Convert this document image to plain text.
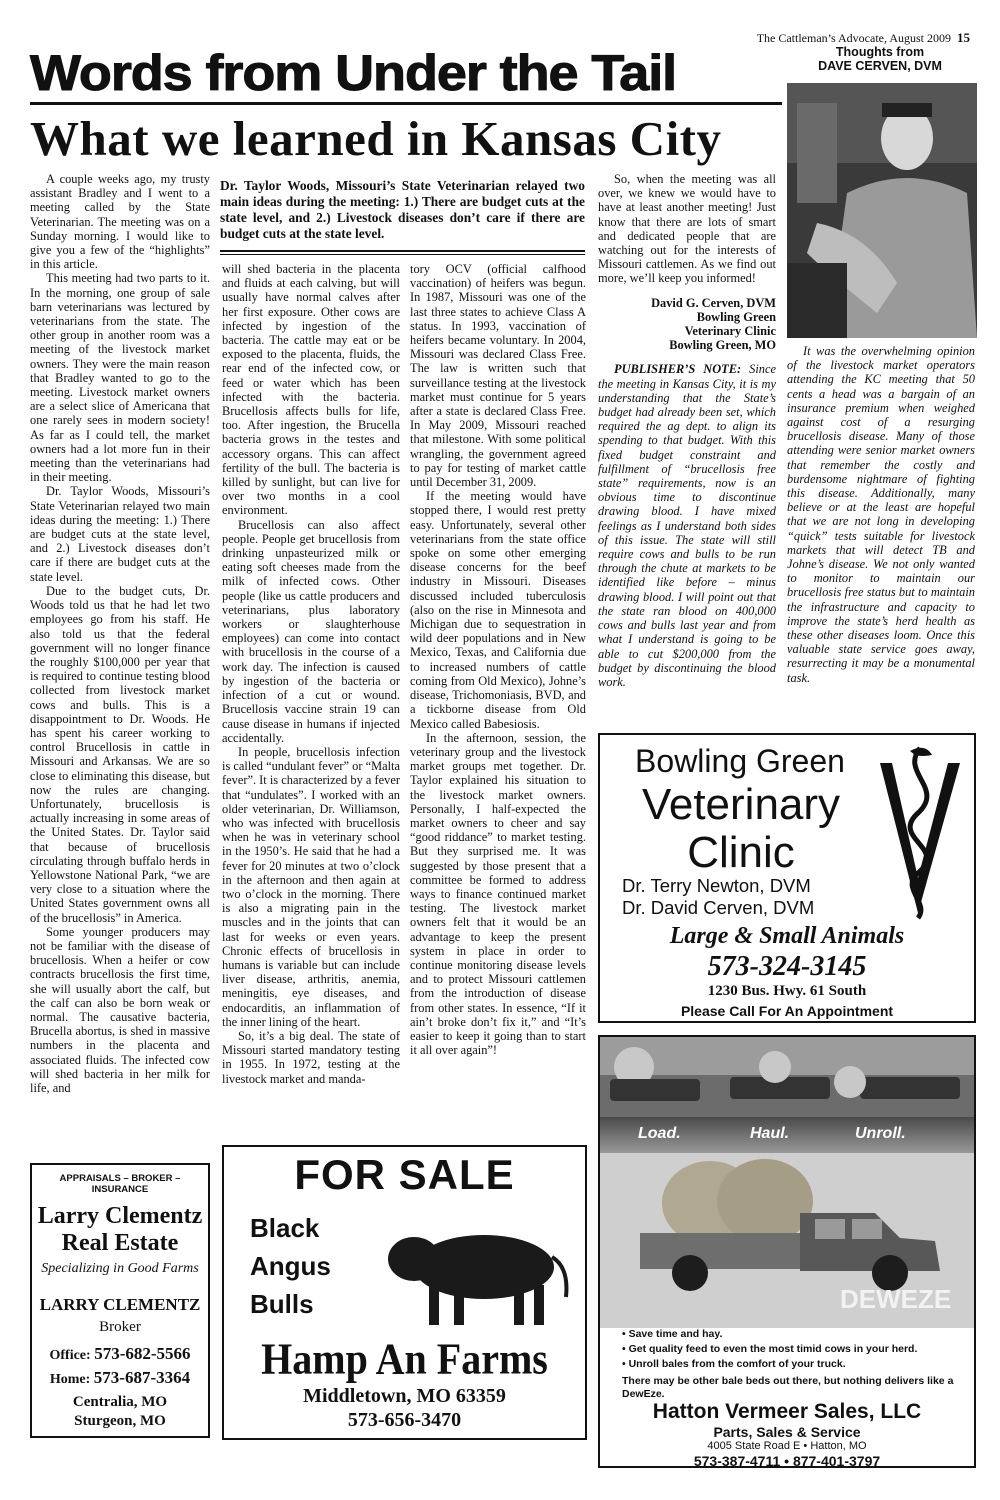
The Cattleman’s Advocate, August 2009 15
Thoughts from
DAVE CERVEN, DVM
Words from Under the Tail
What we learned in Kansas City

A couple weeks ago, my trusty assistant Bradley and I went to a meeting called by the State Veterinarian. The meeting was on a Sunday morning. I would like to give you a few of the “highlights” in this article.

This meeting had two parts to it. In the morning, one group of sale barn veterinarians was lectured by veterinarians from the state. The other group in another room was a meeting of the livestock market owners. They were the main reason that Bradley wanted to go to the meeting. Livestock market owners are a select slice of Americana that one rarely sees in modern society! As far as I could tell, the market owners had a lot more fun in their meeting than the veterinarians had in their meeting.

Dr. Taylor Woods, Missouri’s State Veterinarian relayed two main ideas during the meeting: 1.) There are budget cuts at the state level, and 2.) Livestock diseases don’t care if there are budget cuts at the state level.

Due to the budget cuts, Dr. Woods told us that he had let two employees go from his staff. He also told us that the federal government will no longer finance the roughly $100,000 per year that is required to continue testing blood collected from livestock market cows and bulls. This is a disappointment to Dr. Woods. He has spent his career working to control Brucellosis in cattle in Missouri and Arkansas. We are so close to eliminating this disease, but now the rules are changing. Unfortunately, brucellosis is actually increasing in some areas of the United States. Dr. Taylor said that because of brucellosis circulating through buffalo herds in Yellowstone National Park, “we are very close to a situation where the United States government owns all of the brucellosis” in America.

Some younger producers may not be familiar with the disease of brucellosis. When a heifer or cow contracts brucellosis the first time, she will usually abort the calf, but the calf can also be born weak or normal. The causative bacteria, Brucella abortus, is shed in massive numbers in the placenta and associated fluids. The infected cow will shed bacteria in her milk for life, and

Dr. Taylor Woods, Missouri’s State Veterinarian relayed two main ideas during the meeting: 1.) There are budget cuts at the state level, and 2.) Livestock diseases don’t care if there are budget cuts at the state level.

will shed bacteria in the placenta and fluids at each calving, but will usually have normal calves after her first exposure. Other cows are infected by ingestion of the bacteria. The cattle may eat or be exposed to the placenta, fluids, the rear end of the infected cow, or feed or water which has been infected with the bacteria. Brucellosis affects bulls for life, too. After ingestion, the Brucella bacteria grows in the testes and accessory organs. This can affect fertility of the bull. The bacteria is killed by sunlight, but can live for over two months in a cool environment.

Brucellosis can also affect people. People get brucellosis from drinking unpasteurized milk or eating soft cheeses made from the milk of infected cows. Other people (like us cattle producers and veterinarians, plus laboratory workers or slaughterhouse employees) can come into contact with brucellosis in the course of a work day. The infection is caused by ingestion of the bacteria or infection of a cut or wound. Brucellosis vaccine strain 19 can cause disease in humans if injected accidentally.

In people, brucellosis infection is called “undulant fever” or “Malta fever”. It is characterized by a fever that “undulates”. I worked with an older veterinarian, Dr. Williamson, who was infected with brucellosis when he was in veterinary school in the 1950’s. He said that he had a fever for 20 minutes at two o’clock in the afternoon and then again at two o’clock in the morning. There is also a migrating pain in the muscles and in the joints that can last for weeks or even years. Chronic effects of brucellosis in humans is variable but can include liver disease, arthritis, anemia, meningitis, eye diseases, and endocarditis, an inflammation of the inner lining of the heart.

So, it’s a big deal. The state of Missouri started mandatory testing in 1955. In 1972, testing at the livestock market and manda-

tory OCV (official calfhood vaccination) of heifers was begun. In 1987, Missouri was one of the last three states to achieve Class A status. In 1993, vaccination of heifers became voluntary. In 2004, Missouri was declared Class Free. The law is written such that surveillance testing at the livestock market must continue for 5 years after a state is declared Class Free. In May 2009, Missouri reached that milestone. With some political wrangling, the government agreed to pay for testing of market cattle until December 31, 2009.

If the meeting would have stopped there, I would rest pretty easy. Unfortunately, several other veterinarians from the state office spoke on some other emerging disease concerns for the beef industry in Missouri. Diseases discussed included tuberculosis (also on the rise in Minnesota and Michigan due to sequestration in wild deer populations and in New Mexico, Texas, and California due to increased numbers of cattle coming from Old Mexico), Johne’s disease, Trichomoniasis, BVD, and a tickborne disease from Old Mexico called Babesiosis.

In the afternoon, session, the veterinary group and the livestock market groups met together. Dr. Taylor explained his situation to the livestock market owners. Personally, I half-expected the market owners to cheer and say “good riddance” to market testing. But they surprised me. It was suggested by those present that a committee be formed to address ways to finance continued market testing. The livestock market owners felt that it would be an advantage to keep the present system in place in order to continue monitoring disease levels and to protect Missouri cattlemen from the introduction of disease from other states. In essence, “If it ain’t broke don’t fix it,” and “It’s easier to keep it going than to start it all over again”!

So, when the meeting was all over, we knew we would have to have at least another meeting! Just know that there are lots of smart and dedicated people that are watching out for the interests of Missouri cattlemen. As we find out more, we’ll keep you informed!

David G. Cerven, DVM
Bowling Green
Veterinary Clinic
Bowling Green, MO

PUBLISHER’S NOTE: Since the meeting in Kansas City, it is my understanding that the State’s budget had already been set, which required the ag dept. to align its spending to that budget. With this fixed budget constraint and fulfillment of “brucellosis free state” requirements, now is an obvious time to discontinue drawing blood. I have mixed feelings as I understand both sides of this issue. The state will still require cows and bulls to be run through the chute at markets to be identified like before – minus drawing blood. I will point out that the state ran blood on 400,000 cows and bulls last year and from what I understand is going to be able to cut $200,000 from the budget by discontinuing the blood work.

It was the overwhelming opinion of the livestock market operators attending the KC meeting that 50 cents a head was a bargain of an insurance premium when weighed against cost of a resurging brucellosis disease. Many of those attending were senior market owners that remember the costly and burdensome nightmare of fighting this disease. Additionally, many believe or at the least are hopeful that we are not long in developing “quick” tests suitable for livestock markets that will detect TB and Johne’s disease. We not only wanted to monitor to maintain our brucellosis free status but to maintain the infrastructure and capacity to improve the state’s herd health as these other diseases loom. Once this valuable state service goes away, resurrecting it may be a monumental task.

Bowling Green
Veterinary
Clinic
Dr. Terry Newton, DVM
Dr. David Cerven, DVM
Large & Small Animals
573-324-3145
1230 Bus. Hwy. 61 South
Please Call For An Appointment
Load.	Haul.	Unroll.
DEWEZE
• Save time and hay.
• Get quality feed to even the most timid cows in your herd.
• Unroll bales from the comfort of your truck.
There may be other bale beds out there, but nothing delivers like a DewEze.
Hatton Vermeer Sales, LLC
Parts, Sales & Service
4005 State Road E • Hatton, MO
573-387-4711 • 877-401-3797
APPRAISALS – BROKER – INSURANCE
Larry Clementz
Real Estate
Specializing in Good Farms
LARRY CLEMENTZ
Broker
Office: 573-682-5566
Home: 573-687-3364
Centralia, MO
Sturgeon, MO
FOR SALE
Black
Angus
Bulls
Hamp An Farms
Middletown, MO 63359
573-656-3470
